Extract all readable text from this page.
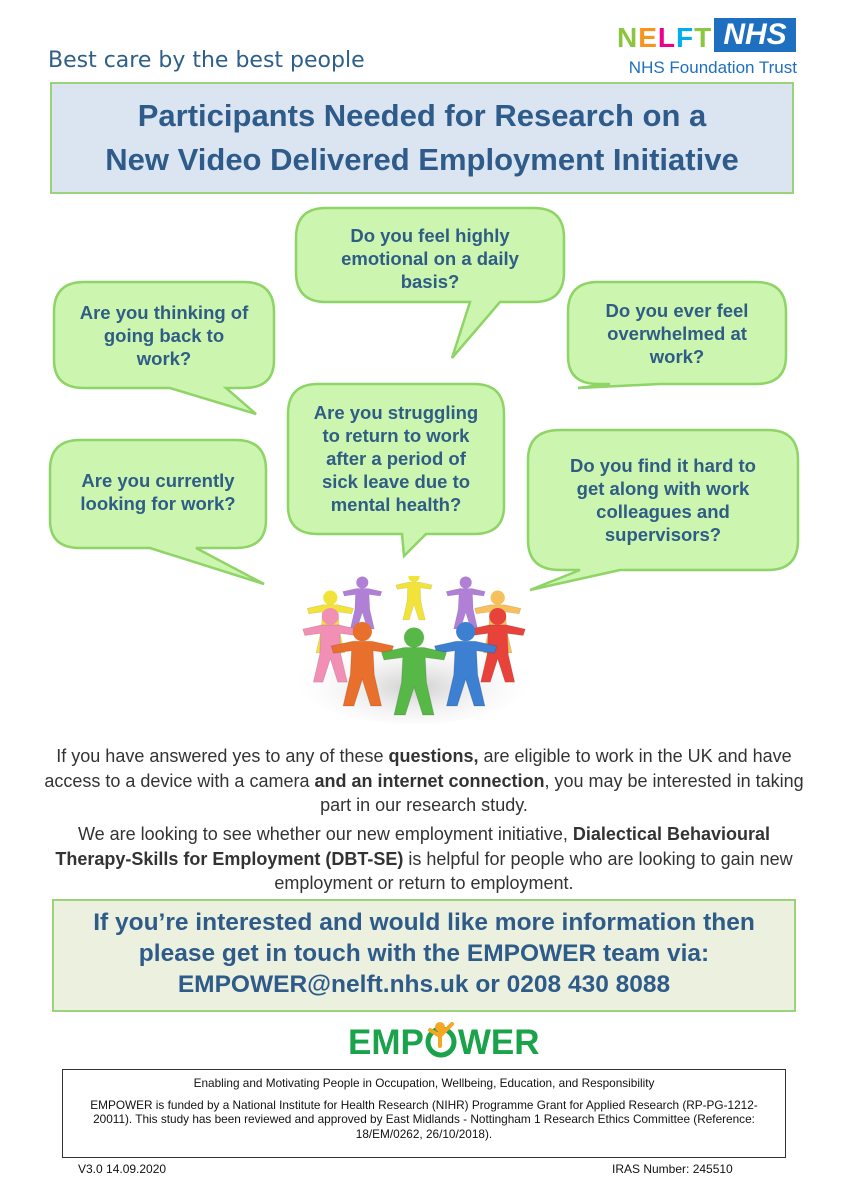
Best care by the best people
NELFT NHS
NHS Foundation Trust
Participants Needed for Research on a
New Video Delivered Employment Initiative
Do you feel highly
emotional on a daily
basis?
Are you thinking of
going back to
work?
Do you ever feel
overwhelmed at
work?
Are you struggling
to return to work
after a period of
sick leave due to
mental health?
Are you currently
looking for work?
Do you find it hard to
get along with work
colleagues and
supervisors?
If you have answered yes to any of these questions, are eligible to work in the UK and have access to a device with a camera and an internet connection, you may be interested in taking part in our research study.
We are looking to see whether our new employment initiative, Dialectical Behavioural Therapy-Skills for Employment (DBT-SE) is helpful for people who are looking to gain new employment or return to employment.
If you’re interested and would like more information then
please get in touch with the EMPOWER team via:
EMPOWER@nelft.nhs.uk or 0208 430 8088
EMP WER

Enabling and Motivating People in Occupation, Wellbeing, Education, and Responsibility

EMPOWER is funded by a National Institute for Health Research (NIHR) Programme Grant for Applied Research (RP-PG-1212-20011). This study has been reviewed and approved by East Midlands - Nottingham 1 Research Ethics Committee (Reference: 18/EM/0262, 26/10/2018).

V3.0 14.09.2020	IRAS Number: 245510
